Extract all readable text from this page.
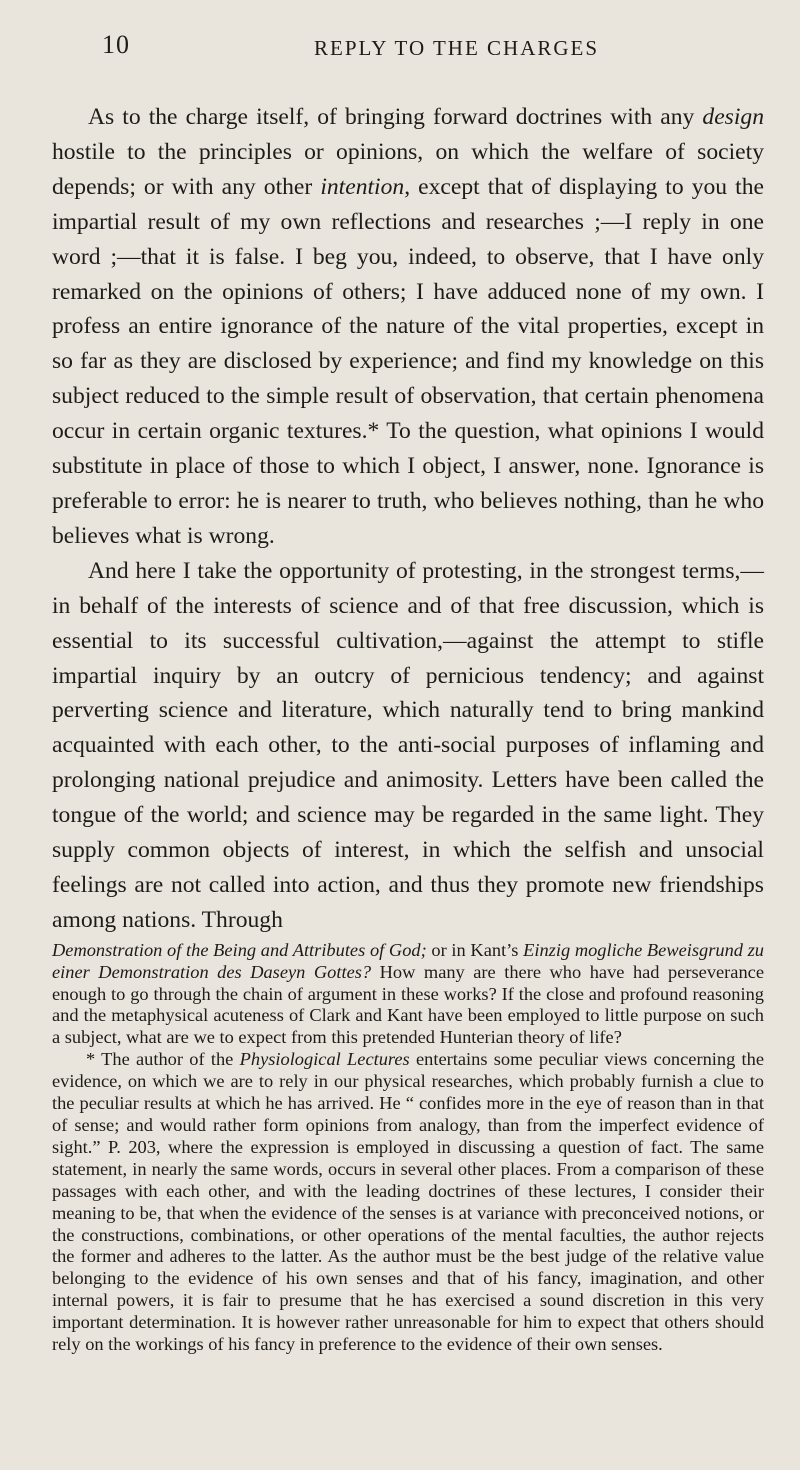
10	REPLY TO THE CHARGES

As to the charge itself, of bringing forward doctrines with any design hostile to the principles or opinions, on which the welfare of society depends; or with any other intention, except that of displaying to you the impartial result of my own reflections and researches ;—I reply in one word ;—that it is false. I beg you, indeed, to observe, that I have only remarked on the opinions of others; I have adduced none of my own. I profess an entire ignorance of the nature of the vital properties, except in so far as they are disclosed by experience; and find my knowledge on this subject reduced to the simple result of observation, that certain phenomena occur in certain organic textures.* To the question, what opinions I would substitute in place of those to which I object, I answer, none. Ignorance is preferable to error: he is nearer to truth, who believes nothing, than he who believes what is wrong.

And here I take the opportunity of protesting, in the strongest terms,—in behalf of the interests of science and of that free discussion, which is essential to its successful cultivation,—against the attempt to stifle impartial inquiry by an outcry of pernicious tendency; and against perverting science and literature, which naturally tend to bring mankind acquainted with each other, to the anti-social purposes of inflaming and prolonging national prejudice and animosity. Letters have been called the tongue of the world; and science may be regarded in the same light. They supply common objects of interest, in which the selfish and unsocial feelings are not called into action, and thus they promote new friendships among nations. Through

Demonstration of the Being and Attributes of God; or in Kant’s Einzig mogliche Beweisgrund zu einer Demonstration des Daseyn Gottes? How many are there who have had perseverance enough to go through the chain of argument in these works? If the close and profound reasoning and the metaphysical acuteness of Clark and Kant have been employed to little purpose on such a subject, what are we to expect from this pretended Hunterian theory of life?

* The author of the Physiological Lectures entertains some peculiar views concerning the evidence, on which we are to rely in our physical researches, which probably furnish a clue to the peculiar results at which he has arrived. He “ confides more in the eye of reason than in that of sense; and would rather form opinions from analogy, than from the imperfect evidence of sight.” P. 203, where the expression is employed in discussing a question of fact. The same statement, in nearly the same words, occurs in several other places. From a comparison of these passages with each other, and with the leading doctrines of these lectures, I consider their meaning to be, that when the evidence of the senses is at variance with preconceived notions, or the constructions, combinations, or other operations of the mental faculties, the author rejects the former and adheres to the latter. As the author must be the best judge of the relative value belonging to the evidence of his own senses and that of his fancy, imagination, and other internal powers, it is fair to presume that he has exercised a sound discretion in this very important determination. It is however rather unreasonable for him to expect that others should rely on the workings of his fancy in preference to the evidence of their own senses.
